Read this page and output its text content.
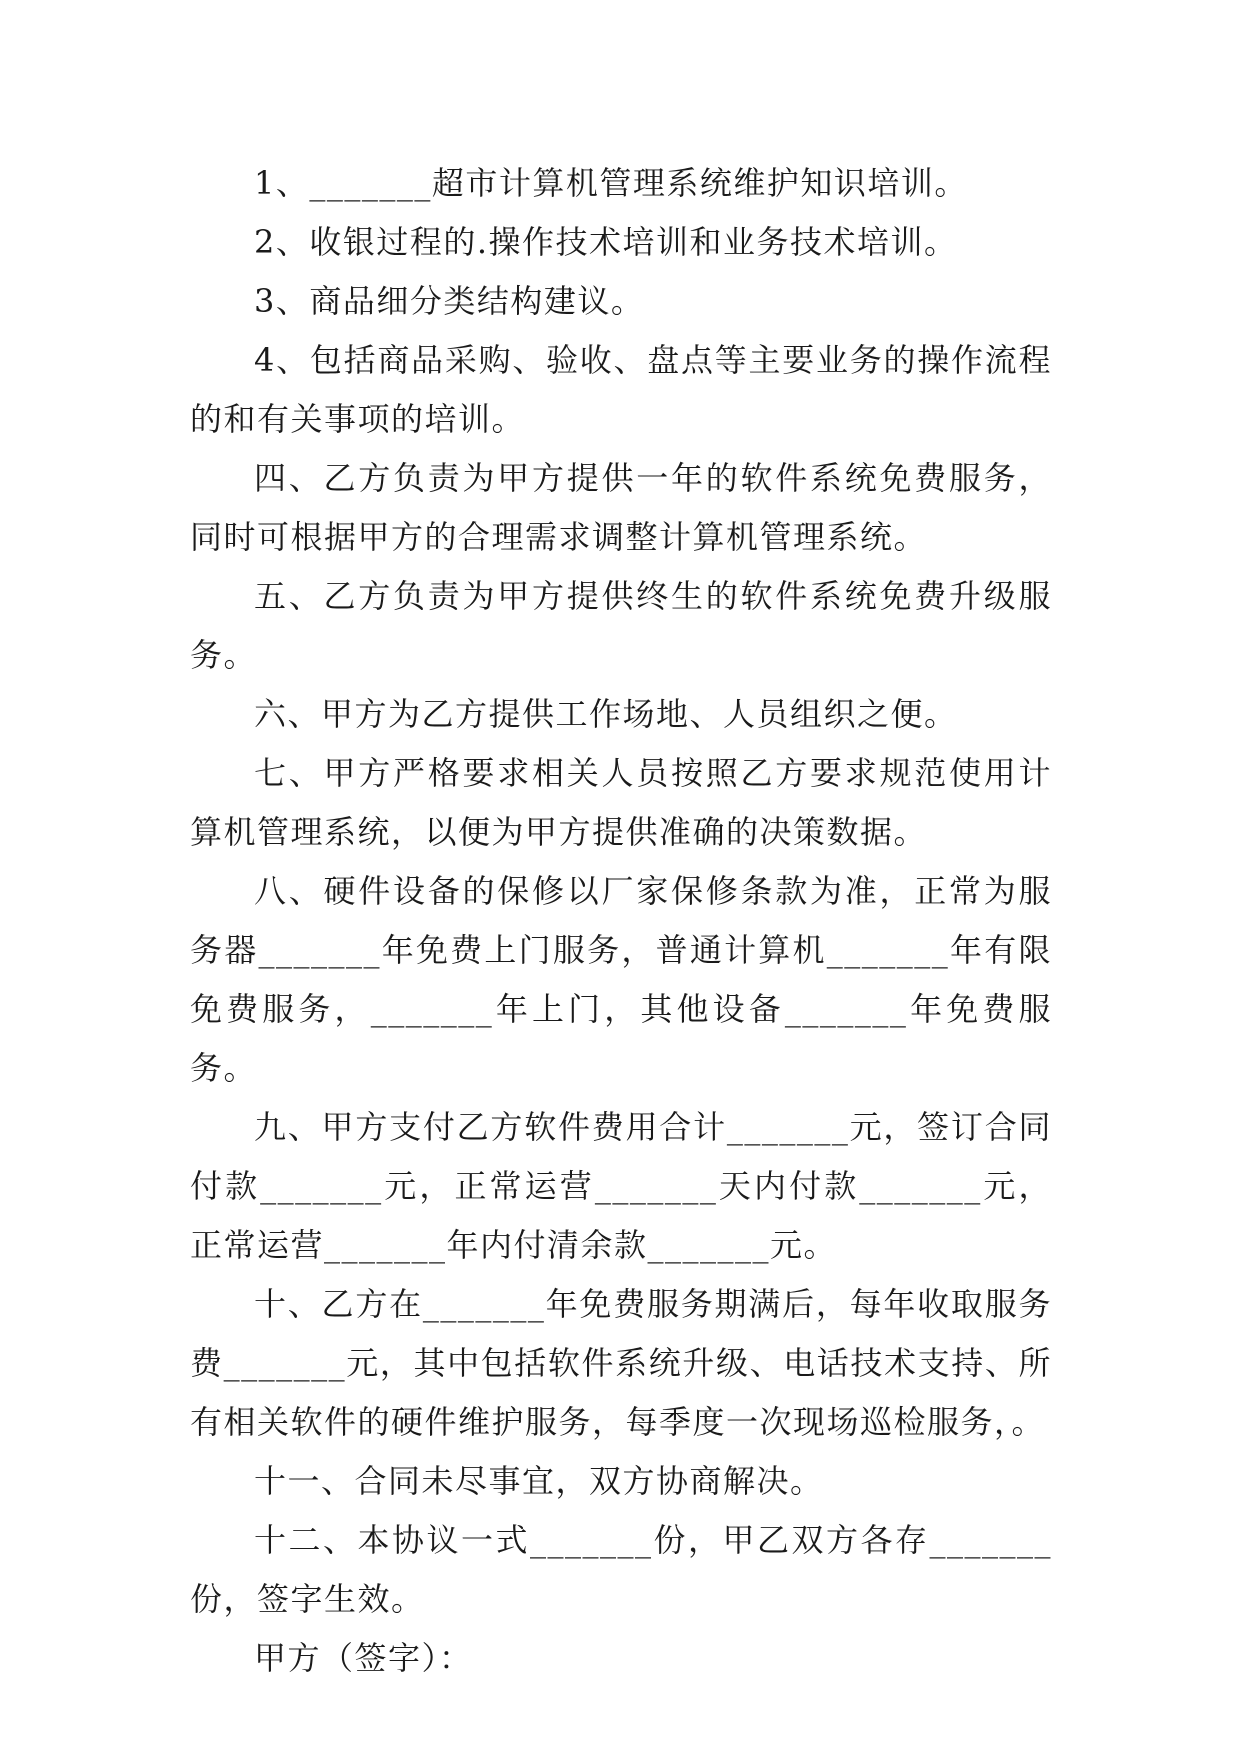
1、_______超市计算机管理系统维护知识培训。

2、收银过程的.操作技术培训和业务技术培训。

3、商品细分类结构建议。

4、包括商品采购、验收、盘点等主要业务的操作流程的和有关事项的培训。

四、乙方负责为甲方提供一年的软件系统免费服务，同时可根据甲方的合理需求调整计算机管理系统。

五、乙方负责为甲方提供终生的软件系统免费升级服务。

六、甲方为乙方提供工作场地、人员组织之便。

七、甲方严格要求相关人员按照乙方要求规范使用计算机管理系统，以便为甲方提供准确的决策数据。

八、硬件设备的保修以厂家保修条款为准，正常为服务器_______年免费上门服务，普通计算机_______年有限免费服务，_______年上门，其他设备_______年免费服务。

九、甲方支付乙方软件费用合计_______元，签订合同付款_______元，正常运营_______天内付款_______元，正常运营_______年内付清余款_______元。

十、乙方在_______年免费服务期满后，每年收取服务费_______元，其中包括软件系统升级、电话技术支持、所有相关软件的硬件维护服务，每季度一次现场巡检服务，。

十一、合同未尽事宜，双方协商解决。

十二、本协议一式_______份，甲乙双方各存_______份，签字生效。

甲方（签字）：
